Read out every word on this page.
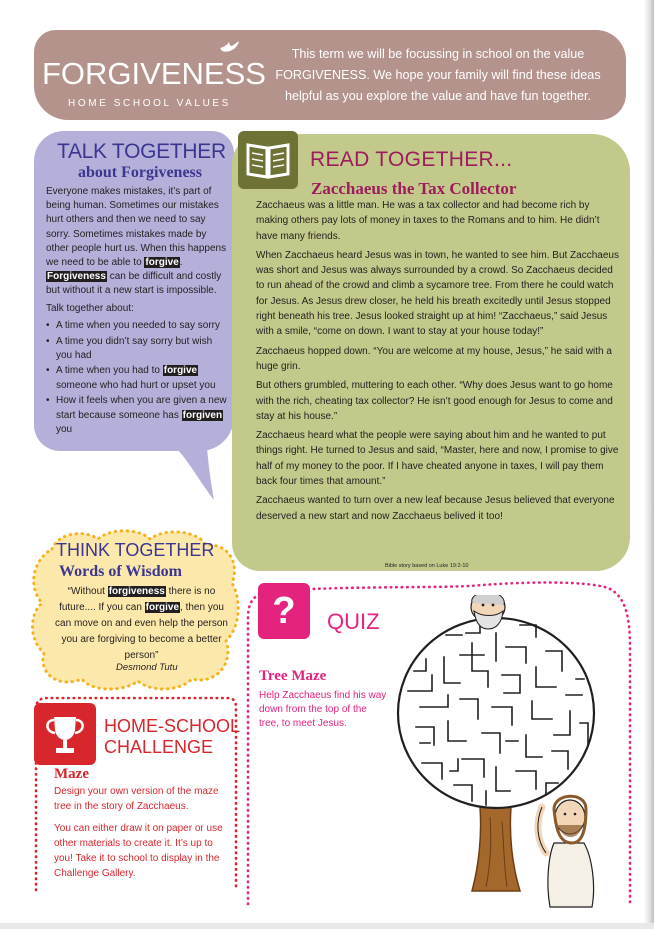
FORGIVENESS
HOME SCHOOL VALUES
This term we will be focussing in school on the value FORGIVENESS. We hope your family will find these ideas helpful as you explore the value and have fun together.
TALK TOGETHER
about Forgiveness

Everyone makes mistakes, it’s part of being human. Sometimes our mistakes hurt others and then we need to say sorry. Sometimes mistakes made by other people hurt us. When this happens we need to be able to forgive. Forgiveness can be difficult and costly but without it a new start is impossible.

Talk together about:

• A time when you needed to say sorry
• A time you didn’t say sorry but wish you had
• A time when you had to forgive someone who had hurt or upset you
• How it feels when you are given a new start because someone has forgiven you
READ TOGETHER...
Zacchaeus the Tax Collector

Zacchaeus was a little man. He was a tax collector and had become rich by making others pay lots of money in taxes to the Romans and to him. He didn’t have many friends.

When Zacchaeus heard Jesus was in town, he wanted to see him. But Zacchaeus was short and Jesus was always surrounded by a crowd. So Zacchaeus decided to run ahead of the crowd and climb a sycamore tree. From there he could watch for Jesus. As Jesus drew closer, he held his breath excitedly until Jesus stopped right beneath his tree. Jesus looked straight up at him! “Zacchaeus,” said Jesus with a smile, “come on down. I want to stay at your house today!”

Zacchaeus hopped down. “You are welcome at my house, Jesus,” he said with a huge grin.

But others grumbled, muttering to each other. “Why does Jesus want to go home with the rich, cheating tax collector? He isn’t good enough for Jesus to come and stay at his house.”

Zacchaeus heard what the people were saying about him and he wanted to put things right. He turned to Jesus and said, “Master, here and now, I promise to give half of my money to the poor. If I have cheated anyone in taxes, I will pay them back four times that amount.”

Zacchaeus wanted to turn over a new leaf because Jesus believed that everyone deserved a new start and now Zacchaeus belived it too!

Bible story based on Luke 19:2-10
THINK TOGETHER
Words of Wisdom
“Without forgiveness there is no future.... If you can forgive, then you can move on and even help the person you are forgiving to become a better person”
Desmond Tutu
HOME-SCHOOL
CHALLENGE
Maze

Design your own version of the maze tree in the story of Zacchaeus.

You can either draw it on paper or use other materials to create it. It’s up to you! Take it to school to display in the Challenge Gallery.

?	QUIZ
Tree Maze
Help Zacchaeus find his way down from the top of the tree, to meet Jesus.
